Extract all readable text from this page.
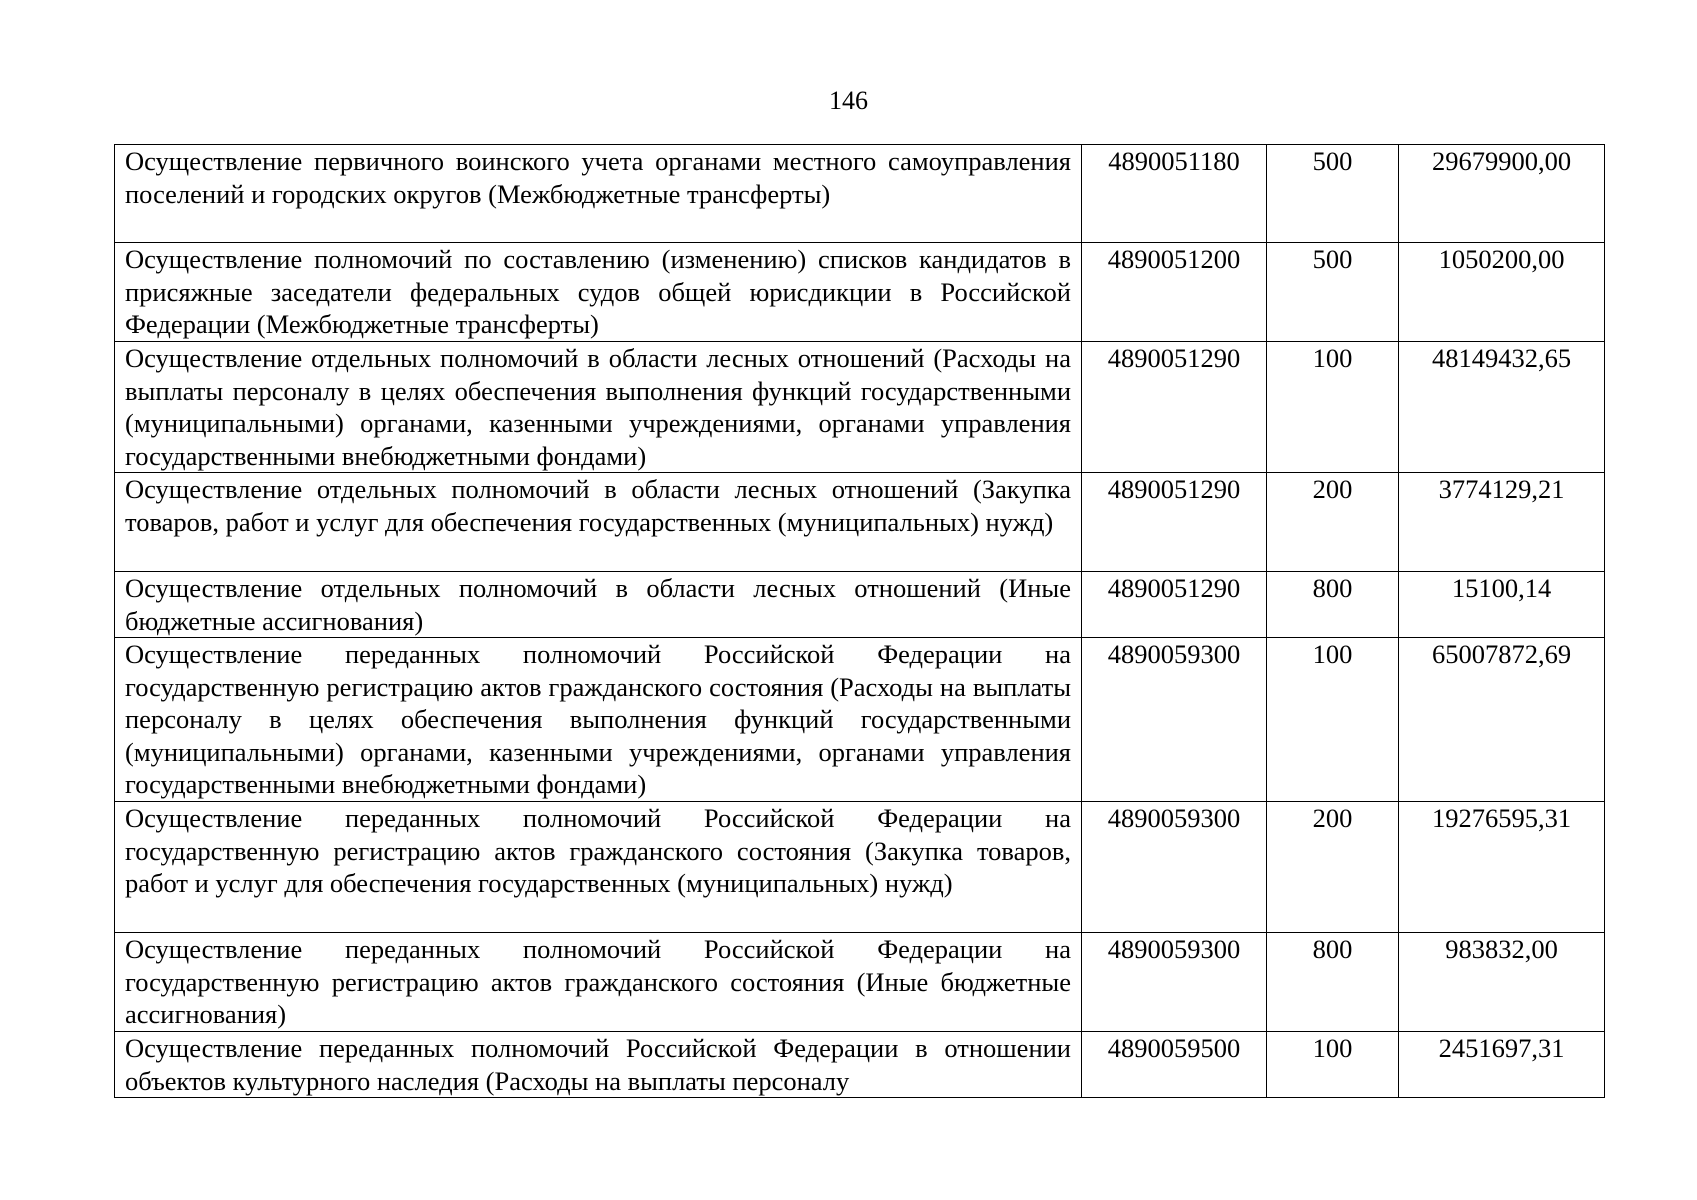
146
Осуществление первичного воинского учета органами местного самоуправления поселений и городских округов (Межбюджетные трансферты)	4890051180	500	29679900,00
Осуществление полномочий по составлению (изменению) списков кандидатов в присяжные заседатели федеральных судов общей юрисдикции в Российской Федерации (Межбюджетные трансферты)	4890051200	500	1050200,00
Осуществление отдельных полномочий в области лесных отношений (Расходы на выплаты персоналу в целях обеспечения выполнения функций государственными (муниципальными) органами, казенными учреждениями, органами управления государственными внебюджетными фондами)	4890051290	100	48149432,65
Осуществление отдельных полномочий в области лесных отношений (Закупка товаров, работ и услуг для обеспечения государственных (муниципальных) нужд)	4890051290	200	3774129,21
Осуществление отдельных полномочий в области лесных отношений (Иные бюджетные ассигнования)	4890051290	800	15100,14
Осуществление переданных полномочий Российской Федерации на государственную регистрацию актов гражданского состояния (Расходы на выплаты персоналу в целях обеспечения выполнения функций государственными (муниципальными) органами, казенными учреждениями, органами управления государственными внебюджетными фондами)	4890059300	100	65007872,69
Осуществление переданных полномочий Российской Федерации на государственную регистрацию актов гражданского состояния (Закупка товаров, работ и услуг для обеспечения государственных (муниципальных) нужд)	4890059300	200	19276595,31
Осуществление переданных полномочий Российской Федерации на государственную регистрацию актов гражданского состояния (Иные бюджетные ассигнования)	4890059300	800	983832,00
Осуществление переданных полномочий Российской Федерации в отношении объектов культурного наследия (Расходы на выплаты персоналу	4890059500	100	2451697,31
